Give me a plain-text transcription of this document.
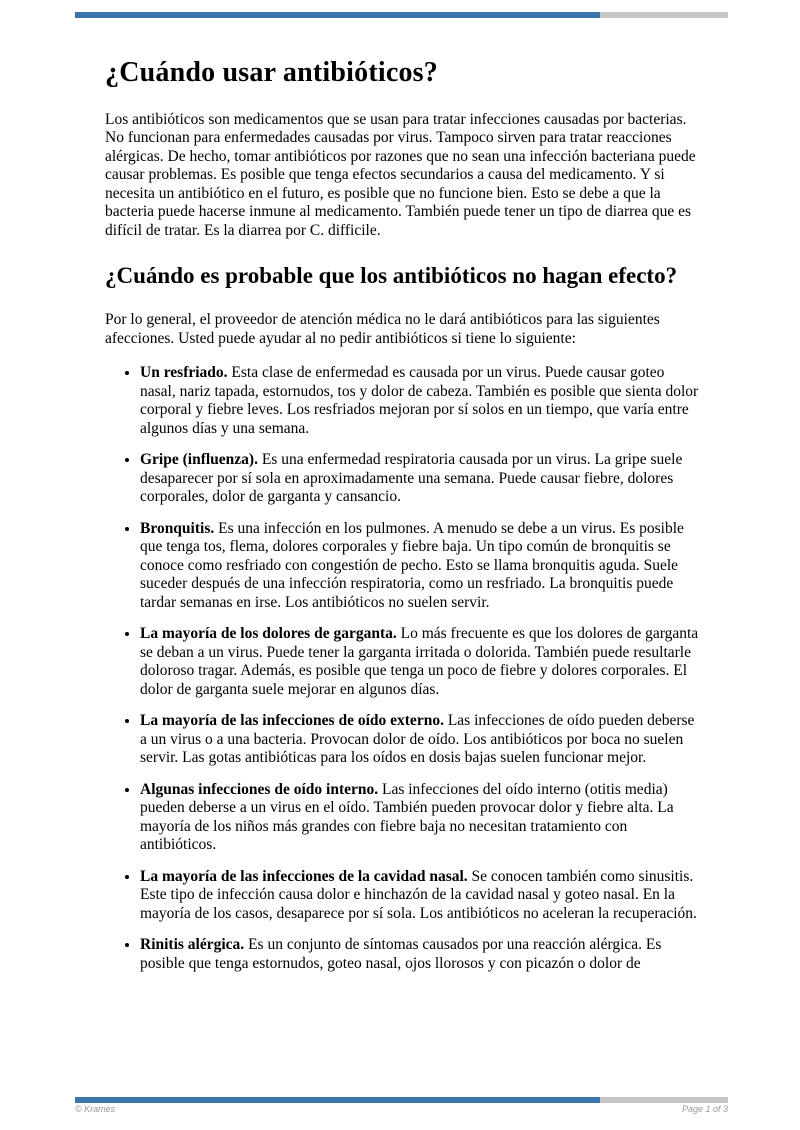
¿Cuándo usar antibióticos?

Los antibióticos son medicamentos que se usan para tratar infecciones causadas por bacterias. No funcionan para enfermedades causadas por virus. Tampoco sirven para tratar reacciones alérgicas. De hecho, tomar antibióticos por razones que no sean una infección bacteriana puede causar problemas. Es posible que tenga efectos secundarios a causa del medicamento. Y si necesita un antibiótico en el futuro, es posible que no funcione bien. Esto se debe a que la bacteria puede hacerse inmune al medicamento. También puede tener un tipo de diarrea que es difícil de tratar. Es la diarrea por C. difficile.

¿Cuándo es probable que los antibióticos no hagan efecto?

Por lo general, el proveedor de atención médica no le dará antibióticos para las siguientes afecciones. Usted puede ayudar al no pedir antibióticos si tiene lo siguiente:

• Un resfriado. Esta clase de enfermedad es causada por un virus. Puede causar goteo nasal, nariz tapada, estornudos, tos y dolor de cabeza. También es posible que sienta dolor corporal y fiebre leves. Los resfriados mejoran por sí solos en un tiempo, que varía entre algunos días y una semana.
• Gripe (influenza). Es una enfermedad respiratoria causada por un virus. La gripe suele desaparecer por sí sola en aproximadamente una semana. Puede causar fiebre, dolores corporales, dolor de garganta y cansancio.
• Bronquitis. Es una infección en los pulmones. A menudo se debe a un virus. Es posible que tenga tos, flema, dolores corporales y fiebre baja. Un tipo común de bronquitis se conoce como resfriado con congestión de pecho. Esto se llama bronquitis aguda. Suele suceder después de una infección respiratoria, como un resfriado. La bronquitis puede tardar semanas en irse. Los antibióticos no suelen servir.
• La mayoría de los dolores de garganta. Lo más frecuente es que los dolores de garganta se deban a un virus. Puede tener la garganta irritada o dolorida. También puede resultarle doloroso tragar. Además, es posible que tenga un poco de fiebre y dolores corporales. El dolor de garganta suele mejorar en algunos días.
• La mayoría de las infecciones de oído externo. Las infecciones de oído pueden deberse a un virus o a una bacteria. Provocan dolor de oído. Los antibióticos por boca no suelen servir. Las gotas antibióticas para los oídos en dosis bajas suelen funcionar mejor.
• Algunas infecciones de oído interno. Las infecciones del oído interno (otitis media) pueden deberse a un virus en el oído. También pueden provocar dolor y fiebre alta. La mayoría de los niños más grandes con fiebre baja no necesitan tratamiento con antibióticos.
• La mayoría de las infecciones de la cavidad nasal. Se conocen también como sinusitis. Este tipo de infección causa dolor e hinchazón de la cavidad nasal y goteo nasal. En la mayoría de los casos, desaparece por sí sola. Los antibióticos no aceleran la recuperación.
• Rinitis alérgica. Es un conjunto de síntomas causados por una reacción alérgica. Es posible que tenga estornudos, goteo nasal, ojos llorosos y con picazón o dolor de
© Krames	Page 1 of 3
